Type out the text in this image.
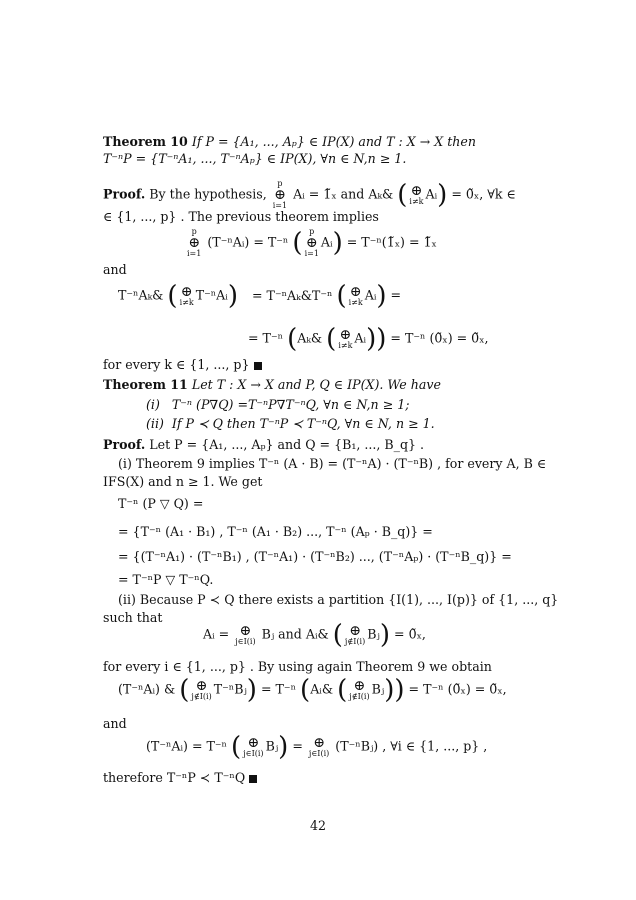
Theorem 10 If P = {A₁, ..., Aₚ} ∈ IP(X) and T : X → X then
T⁻ⁿP = {T⁻ⁿA₁, ..., T⁻ⁿAₚ} ∈ IP(X), ∀n ∈ N,n ≥ 1.
Proof. By the hypothesis,
p
⊕
i=1
Aᵢ = 1̃ₓ and Aₖ& ( ⊕
i≠k Aᵢ) = 0̃ₓ, ∀k ∈
∈ {1, ..., p} . The previous theorem implies
p
⊕
i=1
(T⁻ⁿAᵢ) = T⁻ⁿ ( p
⊕
i=1
Aᵢ) = T⁻ⁿ(1̃ₓ) = 1̃ₓ
and
T⁻ⁿAₖ& ( ⊕
i≠k T⁻ⁿAᵢ) = T⁻ⁿAₖ&T⁻ⁿ ( ⊕
i≠k Aᵢ) =
= T⁻ⁿ (Aₖ& ( ⊕
i≠k Aᵢ)) = T⁻ⁿ (0̃ₓ) = 0̃ₓ,
for every k ∈ {1, ..., p}
Theorem 11 Let T : X → X and P, Q ∈ IP(X). We have
(i) T⁻ⁿ (P∇Q) =T⁻ⁿP∇T⁻ⁿQ, ∀n ∈ N,n ≥ 1;
(ii) If P ≺ Q then T⁻ⁿP ≺ T⁻ⁿQ, ∀n ∈ N, n ≥ 1.
Proof. Let P = {A₁, ..., Aₚ} and Q = {B₁, ..., B_q} .
(i) Theorem 9 implies T⁻ⁿ (A · B) = (T⁻ⁿA) · (T⁻ⁿB) , for every A, B ∈
IFS(X) and n ≥ 1. We get
T⁻ⁿ (P ▽ Q) =
= {T⁻ⁿ (A₁ · B₁) , T⁻ⁿ (A₁ · B₂) ..., T⁻ⁿ (Aₚ · B_q)} =
= {(T⁻ⁿA₁) · (T⁻ⁿB₁) , (T⁻ⁿA₁) · (T⁻ⁿB₂) ..., (T⁻ⁿAₚ) · (T⁻ⁿB_q)} =
= T⁻ⁿP ▽ T⁻ⁿQ.
(ii) Because P ≺ Q there exists a partition {I(1), ..., I(p)} of {1, ..., q}
such that
Aᵢ = ⊕
j∈I(i) Bⱼ and Aᵢ& ( ⊕
j∉I(i) Bⱼ) = 0̃ₓ,
for every i ∈ {1, ..., p} . By using again Theorem 9 we obtain
(T⁻ⁿAᵢ) & ( ⊕
j∉I(i) T⁻ⁿBⱼ) = T⁻ⁿ (Aᵢ& ( ⊕
j∉I(i) Bⱼ)) = T⁻ⁿ (0̃ₓ) = 0̃ₓ,
and
(T⁻ⁿAᵢ) = T⁻ⁿ ( ⊕
j∈I(i) Bⱼ) = ⊕
j∈I(i) (T⁻ⁿBⱼ) , ∀i ∈ {1, ..., p} ,
therefore T⁻ⁿP ≺ T⁻ⁿQ
42
